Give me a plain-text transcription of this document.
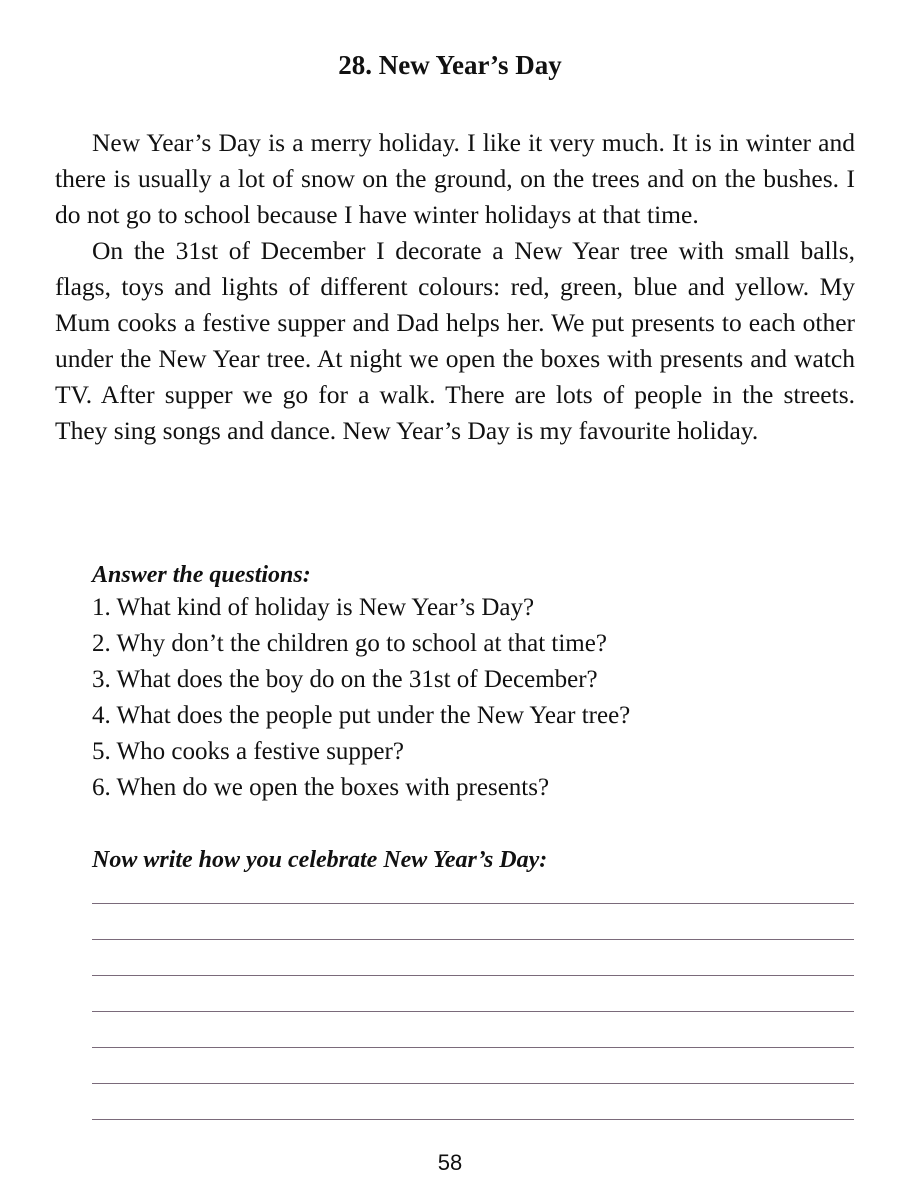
28. New Year’s Day

New Year’s Day is a merry holiday. I like it very much. It is in winter and there is usually a lot of snow on the ground, on the trees and on the bushes. I do not go to school because I have winter holidays at that time.

On the 31st of December I decorate a New Year tree with small balls, flags, toys and lights of different colours: red, green, blue and yellow. My Mum cooks a festive supper and Dad helps her. We put presents to each other under the New Year tree. At night we open the boxes with presents and watch TV. After supper we go for a walk. There are lots of people in the streets. They sing songs and dance. New Year’s Day is my favourite holiday.

Answer the questions:
1. What kind of holiday is New Year’s Day?
2. Why don’t the children go to school at that time?
3. What does the boy do on the 31st of December?
4. What does the people put under the New Year tree?
5. Who cooks a festive supper?
6. When do we open the boxes with presents?
Now write how you celebrate New Year’s Day:
58
